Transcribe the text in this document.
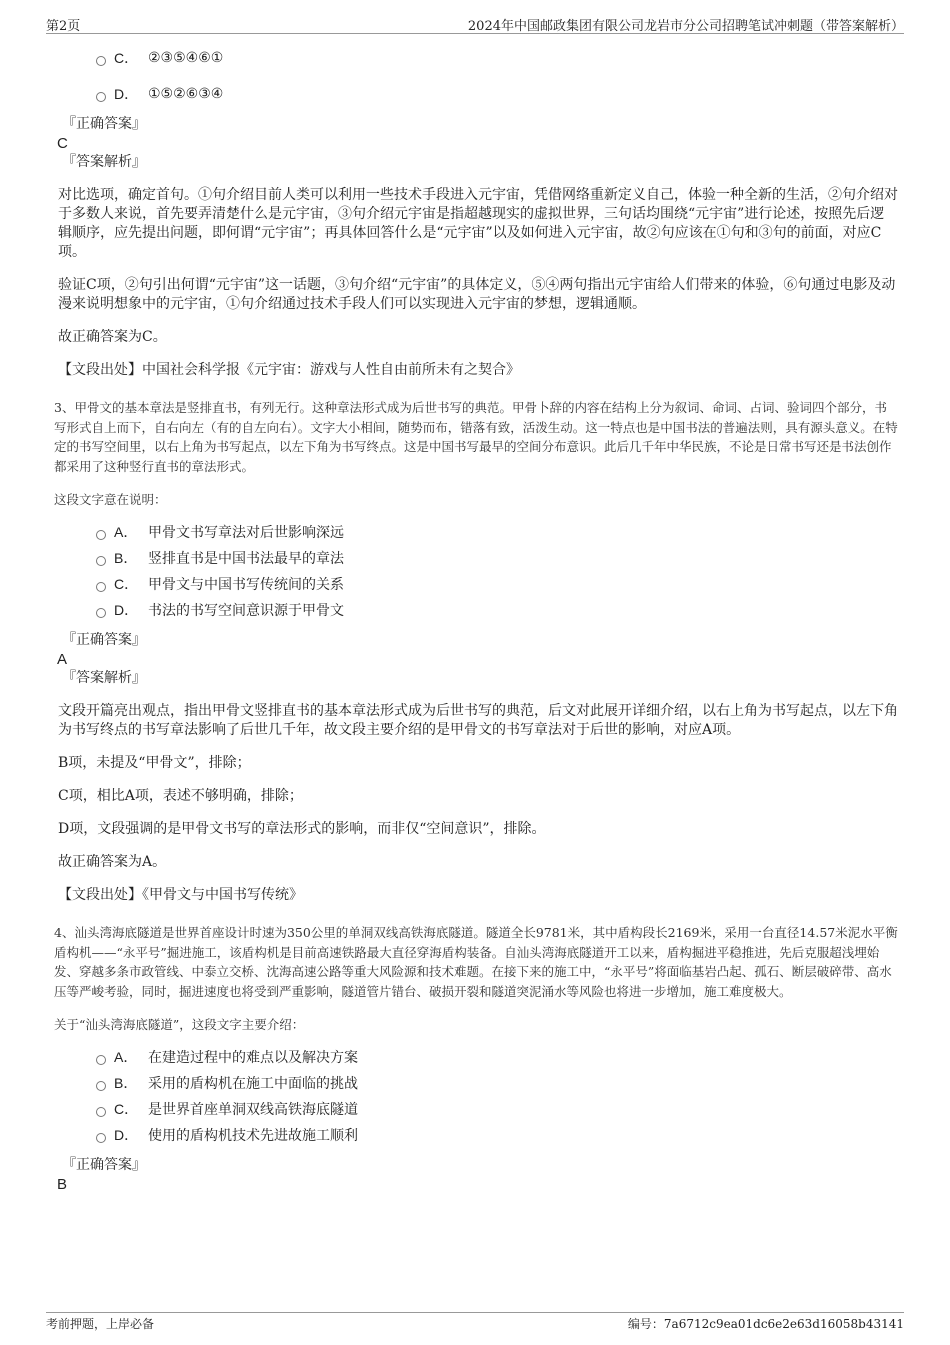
第2页	2024年中国邮政集团有限公司龙岩市分公司招聘笔试冲刺题（带答案解析）
C． ②③⑤④⑥①
D． ①⑤②⑥③④
『正确答案』
C
『答案解析』
对比选项，确定首句。①句介绍目前人类可以利用一些技术手段进入元宇宙，凭借网络重新定义自己，体验一种全新的生活，②句介绍对于多数人来说，首先要弄清楚什么是元宇宙，③句介绍元宇宙是指超越现实的虚拟世界，三句话均围绕“元宇宙”进行论述，按照先后逻辑顺序，应先提出问题，即何谓“元宇宙”；再具体回答什么是“元宇宙”以及如何进入元宇宙，故②句应该在①句和③句的前面，对应C项。
验证C项，②句引出何谓“元宇宙”这一话题，③句介绍“元宇宙”的具体定义，⑤④两句指出元宇宙给人们带来的体验，⑥句通过电影及动漫来说明想象中的元宇宙，①句介绍通过技术手段人们可以实现进入元宇宙的梦想，逻辑通顺。
故正确答案为C。
【文段出处】中国社会科学报《元宇宙：游戏与人性自由前所未有之契合》
3、甲骨文的基本章法是竖排直书，有列无行。这种章法形式成为后世书写的典范。甲骨卜辞的内容在结构上分为叙词、命词、占词、验词四个部分，书写形式自上而下，自右向左（有的自左向右）。文字大小相间，随势而布，错落有致，活泼生动。这一特点也是中国书法的普遍法则，具有源头意义。在特定的书写空间里，以右上角为书写起点，以左下角为书写终点。这是中国书写最早的空间分布意识。此后几千年中华民族，不论是日常书写还是书法创作都采用了这种竖行直书的章法形式。
这段文字意在说明：
A． 甲骨文书写章法对后世影响深远
B． 竖排直书是中国书法最早的章法
C． 甲骨文与中国书写传统间的关系
D． 书法的书写空间意识源于甲骨文
『正确答案』
A
『答案解析』
文段开篇亮出观点，指出甲骨文竖排直书的基本章法形式成为后世书写的典范，后文对此展开详细介绍，以右上角为书写起点，以左下角为书写终点的书写章法影响了后世几千年，故文段主要介绍的是甲骨文的书写章法对于后世的影响，对应A项。
B项，未提及“甲骨文”，排除；
C项，相比A项，表述不够明确，排除；
D项，文段强调的是甲骨文书写的章法形式的影响，而非仅“空间意识”，排除。
故正确答案为A。
【文段出处】《甲骨文与中国书写传统》
4、汕头湾海底隧道是世界首座设计时速为350公里的单洞双线高铁海底隧道。隧道全长9781米，其中盾构段长2169米，采用一台直径14.57米泥水平衡盾构机——“永平号”掘进施工，该盾构机是目前高速铁路最大直径穿海盾构装备。自汕头湾海底隧道开工以来，盾构掘进平稳推进，先后克服超浅埋始发、穿越多条市政管线、中泰立交桥、沈海高速公路等重大风险源和技术难题。在接下来的施工中，“永平号”将面临基岩凸起、孤石、断层破碎带、高水压等严峻考验，同时，掘进速度也将受到严重影响，隧道管片错台、破损开裂和隧道突泥涌水等风险也将进一步增加，施工难度极大。
关于“汕头湾海底隧道”，这段文字主要介绍：
A． 在建造过程中的难点以及解决方案
B． 采用的盾构机在施工中面临的挑战
C． 是世界首座单洞双线高铁海底隧道
D． 使用的盾构机技术先进故施工顺利
『正确答案』
B
考前押题，上岸必备	编号：7a6712c9ea01dc6e2e63d16058b43141
